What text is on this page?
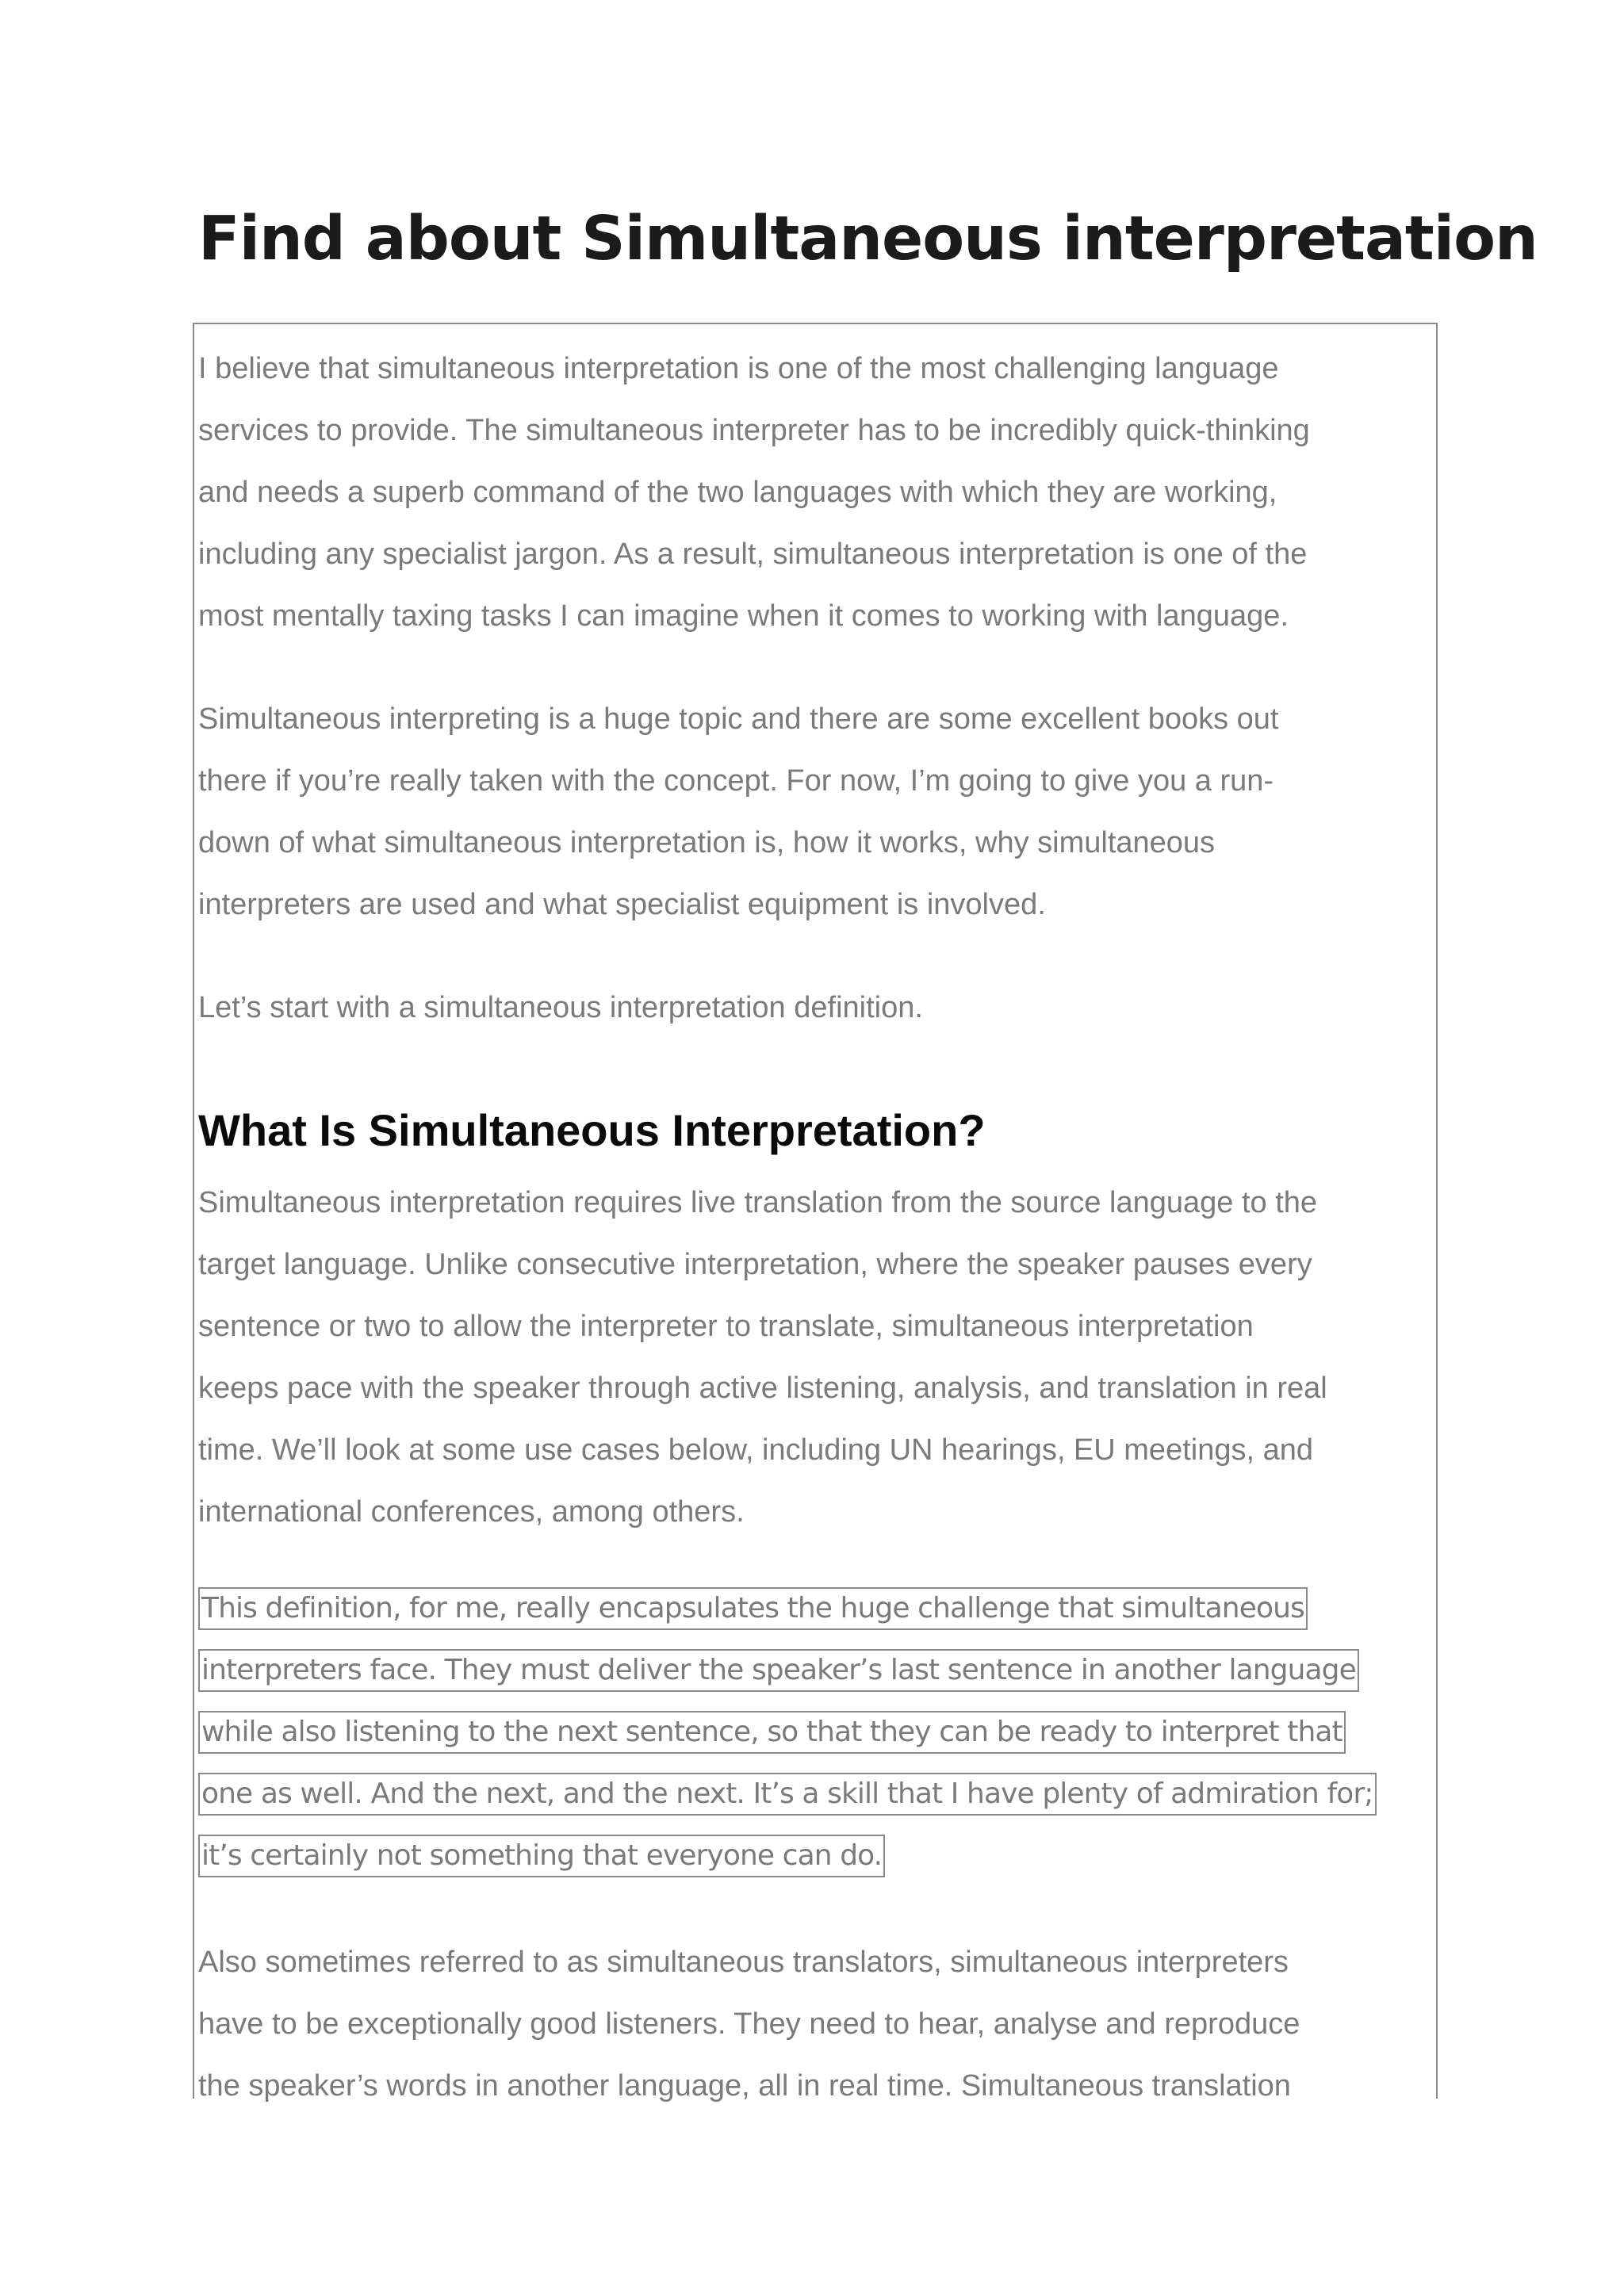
Find about Simultaneous interpretation
I believe that simultaneous interpretation is one of the most challenging language
services to provide. The simultaneous interpreter has to be incredibly quick-thinking
and needs a superb command of the two languages with which they are working,
including any specialist jargon. As a result, simultaneous interpretation is one of the
most mentally taxing tasks I can imagine when it comes to working with language.
Simultaneous interpreting is a huge topic and there are some excellent books out
there if you’re really taken with the concept. For now, I’m going to give you a run-
down of what simultaneous interpretation is, how it works, why simultaneous
interpreters are used and what specialist equipment is involved.
Let’s start with a simultaneous interpretation definition.
What Is Simultaneous Interpretation?
Simultaneous interpretation requires live translation from the source language to the
target language. Unlike consecutive interpretation, where the speaker pauses every
sentence or two to allow the interpreter to translate, simultaneous interpretation
keeps pace with the speaker through active listening, analysis, and translation in real
time. We’ll look at some use cases below, including UN hearings, EU meetings, and
international conferences, among others.
This definition, for me, really encapsulates the huge challenge that simultaneous
interpreters face. They must deliver the speaker’s last sentence in another language
while also listening to the next sentence, so that they can be ready to interpret that
one as well. And the next, and the next. It’s a skill that I have plenty of admiration for;
it’s certainly not something that everyone can do.
Also sometimes referred to as simultaneous translators, simultaneous interpreters
have to be exceptionally good listeners. They need to hear, analyse and reproduce
the speaker’s words in another language, all in real time. Simultaneous translation
